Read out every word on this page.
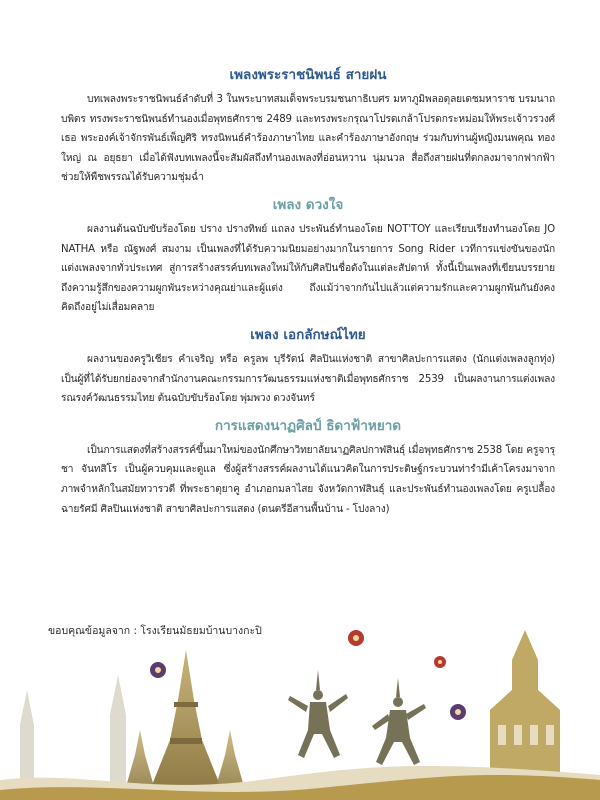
เพลงพระราชนิพนธ์ สายฝน

บทเพลงพระราชนิพนธ์ลำดับที่ 3 ในพระบาทสมเด็จพระบรมชนกาธิเบศร มหาภูมิพลอดุลยเดชมหาราช บรมนาถบพิตร ทรงพระราชนิพนธ์ทำนองเมื่อพุทธศักราช 2489 และทรงพระกรุณาโปรดเกล้าโปรดกระหม่อมให้พระเจ้าวรวงศ์เธอ พระองค์เจ้าจักรพันธ์เพ็ญศิริ ทรงนิพนธ์คำร้องภาษาไทย และคำร้องภาษาอังกฤษ ร่วมกับท่านผู้หญิงมนพคุณ ทองใหญ่ ณ อยุธยา เมื่อได้ฟังบทเพลงนี้จะสัมผัสถึงทำนองเพลงที่อ่อนหวาน นุ่มนวล สื่อถึงสายฝนที่ตกลงมาจากฟากฟ้าช่วยให้พืชพรรณได้รับความชุ่มฉ่ำ

เพลง ดวงใจ

ผลงานต้นฉบับขับร้องโดย ปราง ปรางทิพย์ แถลง ประพันธ์ทำนองโดย NOT'TOY และเรียบเรียงทำนองโดย JO NATHA หรือ ณัฐพงศ์ สมงาม เป็นเพลงที่ได้รับความนิยมอย่างมากในรายการ Song Rider เวทีการแข่งขันของนักแต่งเพลงจากทั่วประเทศ สู่การสร้างสรรค์บทเพลงใหม่ให้กับศิลปินชื่อดังในแต่ละสัปดาห์ ทั้งนี้เป็นเพลงที่เขียนบรรยายถึงความรู้สึกของความผูกพันระหว่างคุณย่าและผู้แต่ง ถึงแม้ว่าจากกันไปแล้วแต่ความรักและความผูกพันกันยังคงคิดถึงอยู่ไม่เสื่อมคลาย

เพลง เอกลักษณ์ไทย

ผลงานของครูวิเชียร คำเจริญ หรือ ครูลพ บุรีรัตน์ ศิลปินแห่งชาติ สาขาศิลปะการแสดง (นักแต่งเพลงลูกทุ่ง) เป็นผู้ที่ได้รับยกย่องจากสำนักงานคณะกรรมการวัฒนธรรมแห่งชาติเมื่อพุทธศักราช 2539 เป็นผลงานการแต่งเพลงรณรงค์วัฒนธรรมไทย ต้นฉบับขับร้องโดย พุ่มพวง ดวงจันทร์

การแสดงนาฏศิลป์ ธิดาฟ้าหยาด

เป็นการแสดงที่สร้างสรรค์ขึ้นมาใหม่ของนักศึกษาวิทยาลัยนาฏศิลปกาฬสินธุ์ เมื่อพุทธศักราช 2538 โดย ครูจารุชา จันทสิโร เป็นผู้ควบคุมและดูแล ซึ่งผู้สร้างสรรค์ผลงานได้แนวคิดในการประดิษฐ์กระบวนท่ารำมีเค้าโครงมาจากภาพจำหลักในสมัยทวารวดี ที่พระธาตุยาคู อำเภอกมลาไสย จังหวัดกาฬสินธุ์ และประพันธ์ทำนองเพลงโดย ครูเปลื้อง ฉายรัศมี ศิลปินแห่งชาติ สาขาศิลปะการแสดง (ดนตรีอีสานพื้นบ้าน - โปงลาง)

ขอบคุณข้อมูลจาก : โรงเรียนมัธยมบ้านบางกะปิ
